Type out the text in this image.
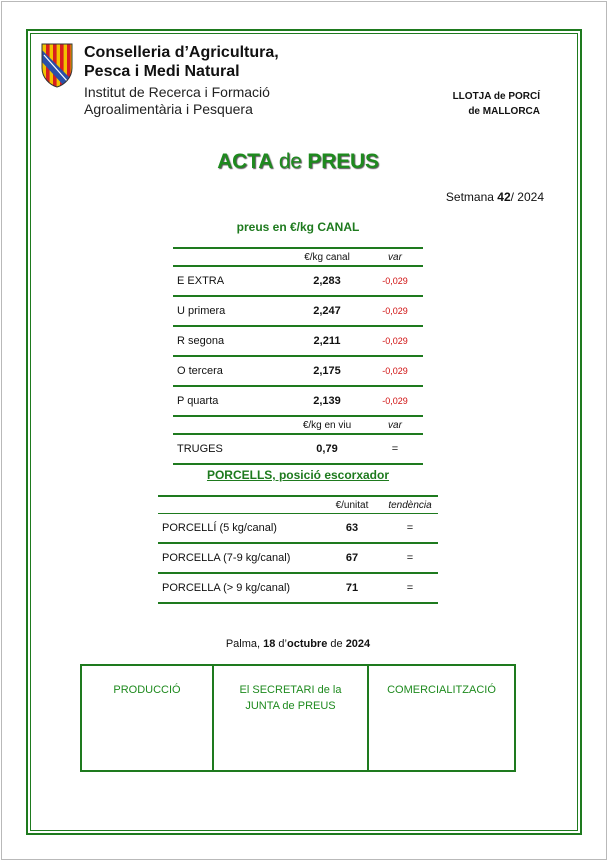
Conselleria d’Agricultura,
Pesca i Medi Natural
Institut de Recerca i Formació
Agroalimentària i Pesquera
LLOTJA de PORCÍ
de MALLORCA
ACTA de PREUS
Setmana 42/ 2024
preus en €/kg CANAL
	€/kg canal	var
E EXTRA	2,283	-0,029
U primera	2,247	-0,029
R segona	2,211	-0,029
O tercera	2,175	-0,029
P quarta	2,139	-0,029
	€/kg en viu	var
TRUGES	0,79	=
PORCELLS, posició escorxador
	€/unitat	tendència
PORCELLÍ (5 kg/canal)	63	=
PORCELLA (7-9 kg/canal)	67	=
PORCELLA (> 9 kg/canal)	71	=
Palma, 18 d’octubre de 2024
PRODUCCIÓ	El SECRETARI de la
JUNTA de PREUS
COMERCIALITZACIÓ
